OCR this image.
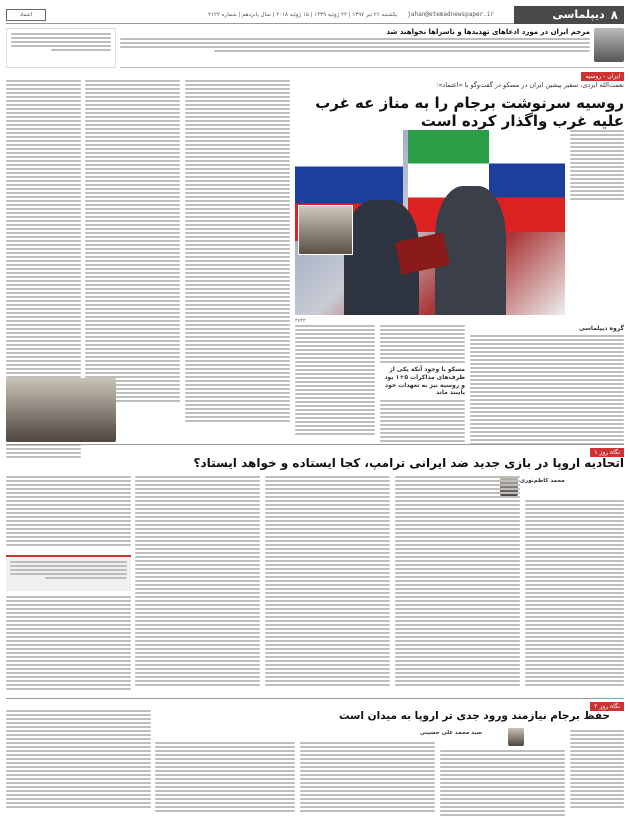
۸
دیپلماسی
jahan@etemadnewspaper.ir
یکشنبه ۲۶ تیر ۱۳۹۷ | ۲۲ ژوئیه ۱۴۳۹ | ۱۵ ژوئیه ۲۰۱۸ | سال پانزدهم | شماره ۴۱۲۲
اعتماد
مرحم ایران در مورد ادعاهای تهدیدها و ناسزاها نخواهند شد
ایران - روسیه
نعمت‌الله ایزدی، سفیر پیشین ایران در مسکو در گفت‌وگو با «اعتماد»:
روسیه سرنوشت برجام را به مناز عه غرب علیه غرب واگذار کرده است
۴۷۴۲
گروه دیپلماسی
مسکو با وجود آنکه یکی از طرف‌های مذاکرات ۵+۱ بود و روسیه نیز به تعهدات خود پایبند ماند
نگاه روز ۱
اتحادیه اروپا در بازی جدید ضد ایرانی ترامپ، کجا ایستاده و خواهد ایستاد؟
محمد کاظم‌نوری
نگاه روز ۲
حفظ برجام نیازمند ورود جدی تر اروپا به میدان است
سید محمد علی حسینی
